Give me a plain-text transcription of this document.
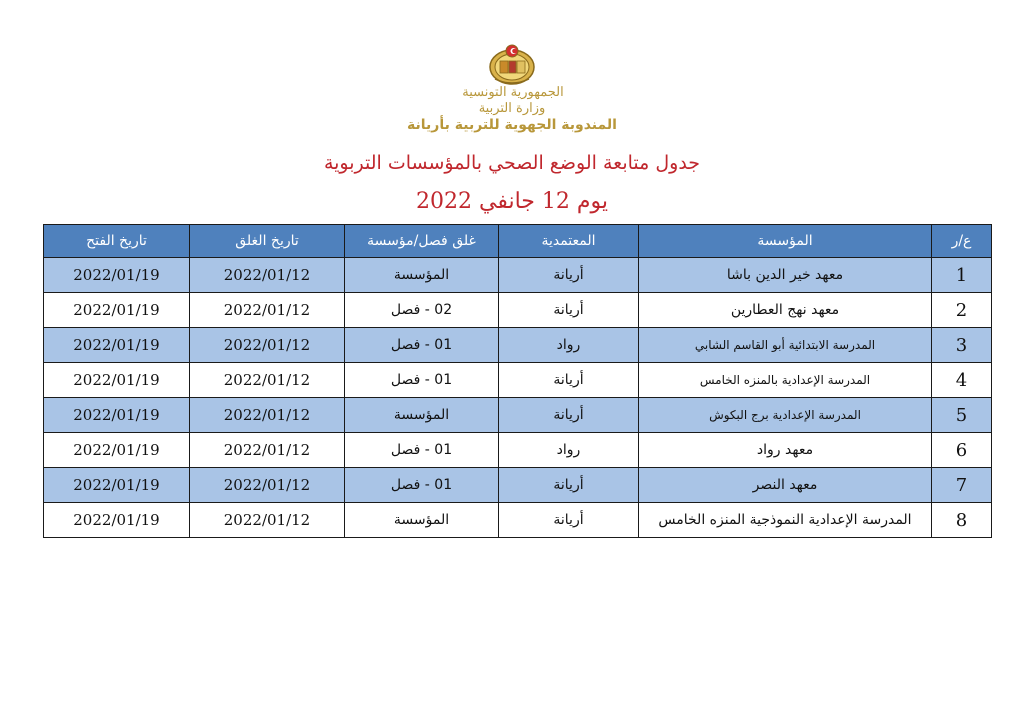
الجمهورية التونسية
وزارة التربية
المندوبة الجهوية للتربية بأريانة
جدول متابعة الوضع الصحي بالمؤسسات التربوية
يوم 12 جانفي 2022
ع/ر	المؤسسة	المعتمدية	غلق فصل/مؤسسة	تاريخ الغلق	تاريخ الفتح
1	معهد خير الدين باشا	أريانة	المؤسسة	2022/01/12	2022/01/19
2	معهد نهج العطارين	أريانة	02 - فصل	2022/01/12	2022/01/19
3	المدرسة الابتدائية أبو القاسم الشابي	رواد	01 - فصل	2022/01/12	2022/01/19
4	المدرسة الإعدادية بالمنزه الخامس	أريانة	01 - فصل	2022/01/12	2022/01/19
5	المدرسة الإعدادية برج البكوش	أريانة	المؤسسة	2022/01/12	2022/01/19
6	معهد رواد	رواد	01 - فصل	2022/01/12	2022/01/19
7	معهد النصر	أريانة	01 - فصل	2022/01/12	2022/01/19
8	المدرسة الإعدادية النموذجية المنزه الخامس	أريانة	المؤسسة	2022/01/12	2022/01/19
